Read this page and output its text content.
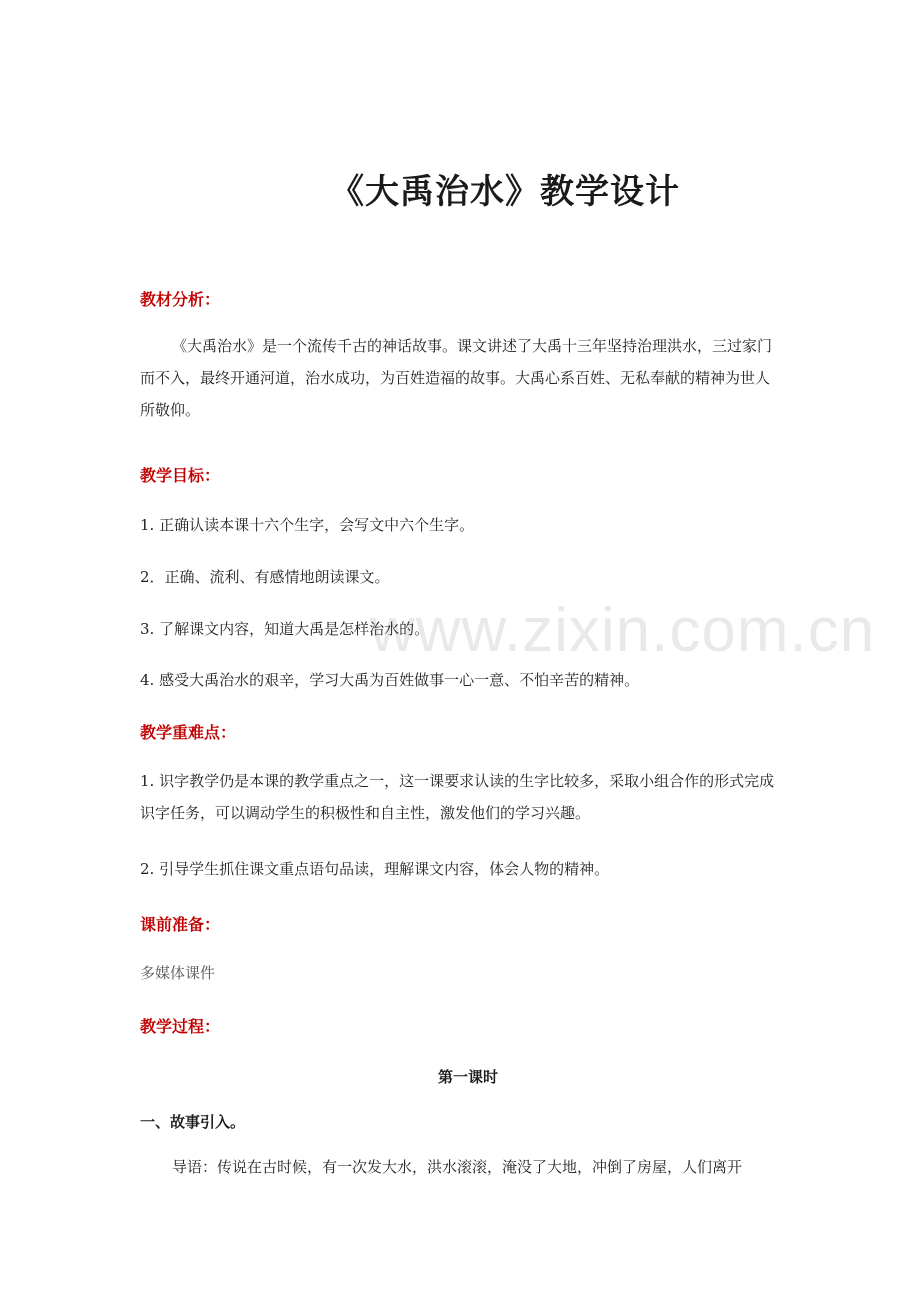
www.zixin.com.cn
《大禹治水》教学设计
教材分析：

《大禹治水》是一个流传千古的神话故事。课文讲述了大禹十三年坚持治理洪水，三过家门而不入，最终开通河道，治水成功，为百姓造福的故事。大禹心系百姓、无私奉献的精神为世人所敬仰。

教学目标：

1. 正确认读本课十六个生字，会写文中六个生字。

2．正确、流利、有感情地朗读课文。

3. 了解课文内容，知道大禹是怎样治水的。

4. 感受大禹治水的艰辛，学习大禹为百姓做事一心一意、不怕辛苦的精神。

教学重难点：

1. 识字教学仍是本课的教学重点之一，这一课要求认读的生字比较多，采取小组合作的形式完成识字任务，可以调动学生的积极性和自主性，激发他们的学习兴趣。

2. 引导学生抓住课文重点语句品读，理解课文内容，体会人物的精神。

课前准备：

多媒体课件

教学过程：

第一课时

一、故事引入。

导语：传说在古时候，有一次发大水，洪水滚滚，淹没了大地，冲倒了房屋，人们离开
